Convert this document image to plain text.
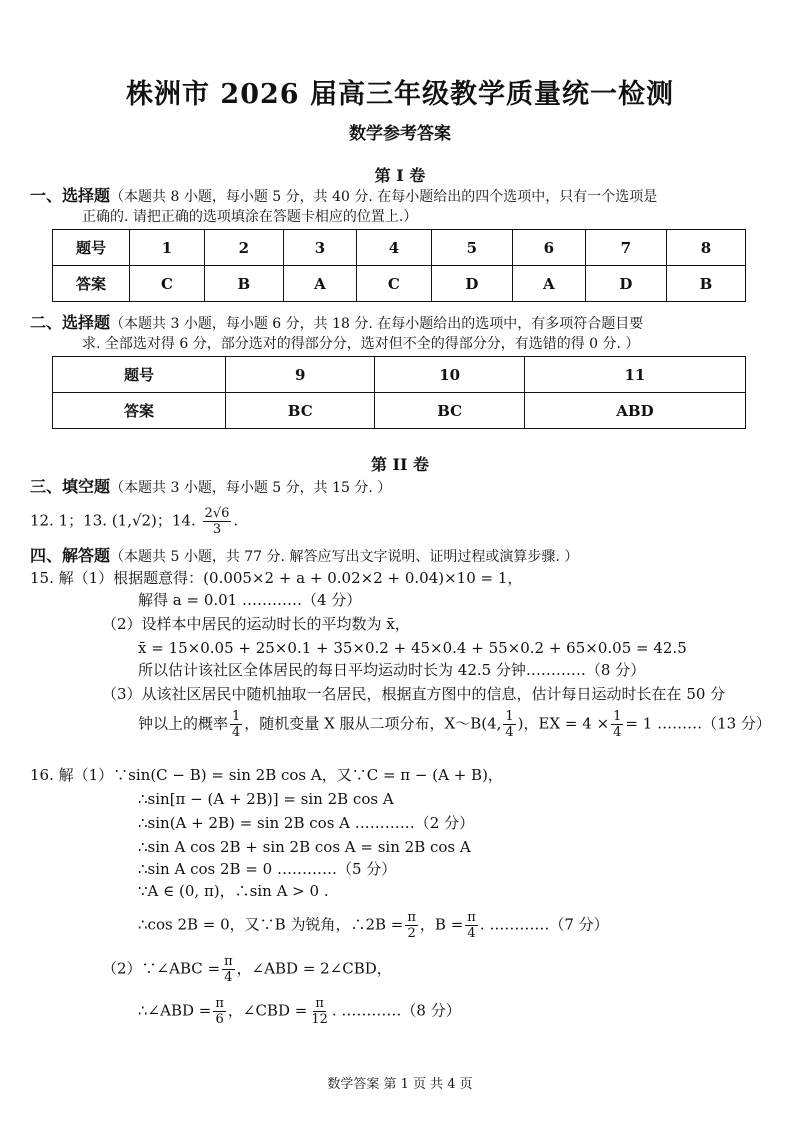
株洲市 2026 届高三年级教学质量统一检测
数学参考答案
第 I 卷
一、选择题（本题共 8 小题，每小题 5 分，共 40 分. 在每小题给出的四个选项中，只有一个选项是
正确的. 请把正确的选项填涂在答题卡相应的位置上.）
题号	1	2	3	4	5	6	7	8
答案	C	B	A	C	D	A	D	B
二、选择题（本题共 3 小题，每小题 6 分，共 18 分. 在每小题给出的选项中，有多项符合题目要
求. 全部选对得 6 分，部分选对的得部分分，选对但不全的得部分分，有选错的得 0 分. ）
题号	9	10	11
答案	BC	BC	ABD
第 II 卷
三、填空题（本题共 3 小题，每小题 5 分，共 15 分. ）
12. 1；13. (1,√2)；14. $\frac{2√6}{3}$ .
四、解答题（本题共 5 小题，共 77 分. 解答应写出文字说明、证明过程或演算步骤. ）
15. 解（1）根据题意得：(0.005×2 + a + 0.02×2 + 0.04)×10 = 1，
解得 a = 0.01 …………（4 分）
（2）设样本中居民的运动时长的平均数为 x̄，
x̄ = 15×0.05 + 25×0.1 + 35×0.2 + 45×0.4 + 55×0.2 + 65×0.05 = 42.5
所以估计该社区全体居民的每日平均运动时长为 42.5 分钟…………（8 分）
（3）从该社区居民中随机抽取一名居民，根据直方图中的信息，估计每日运动时长在在 50 分
钟以上的概率 $\frac{1}{4}$ ，随机变量 X 服从二项分布，X～B(4, $\frac{1}{4}$ )，EX = $4 \times \frac{1}{4} = 1$ ………（13 分）
16. 解（1）∵sin(C − B) = sin 2B cos A，又∵C = π − (A + B)，
∴sin[π − (A + 2B)] = sin 2B cos A
∴sin(A + 2B) = sin 2B cos A …………（2 分）
∴sin A cos 2B + sin 2B cos A = sin 2B cos A
∴sin A cos 2B = 0 …………（5 分）
∵A ∈ (0, π)，∴sin A > 0 .
∴cos 2B = 0，又∵B 为锐角，∴2B = $\frac{\pi}{2}$ ，$B = \frac{\pi}{4}$ . …………（7 分）
（2）∵∠ABC = $\frac{\pi}{4}$ ，∠ABD = 2∠CBD，
∴∠ABD = $\frac{\pi}{6}$ ，∠CBD = $\frac{\pi}{12}$ . …………（8 分）
数学答案 第 1 页 共 4 页
